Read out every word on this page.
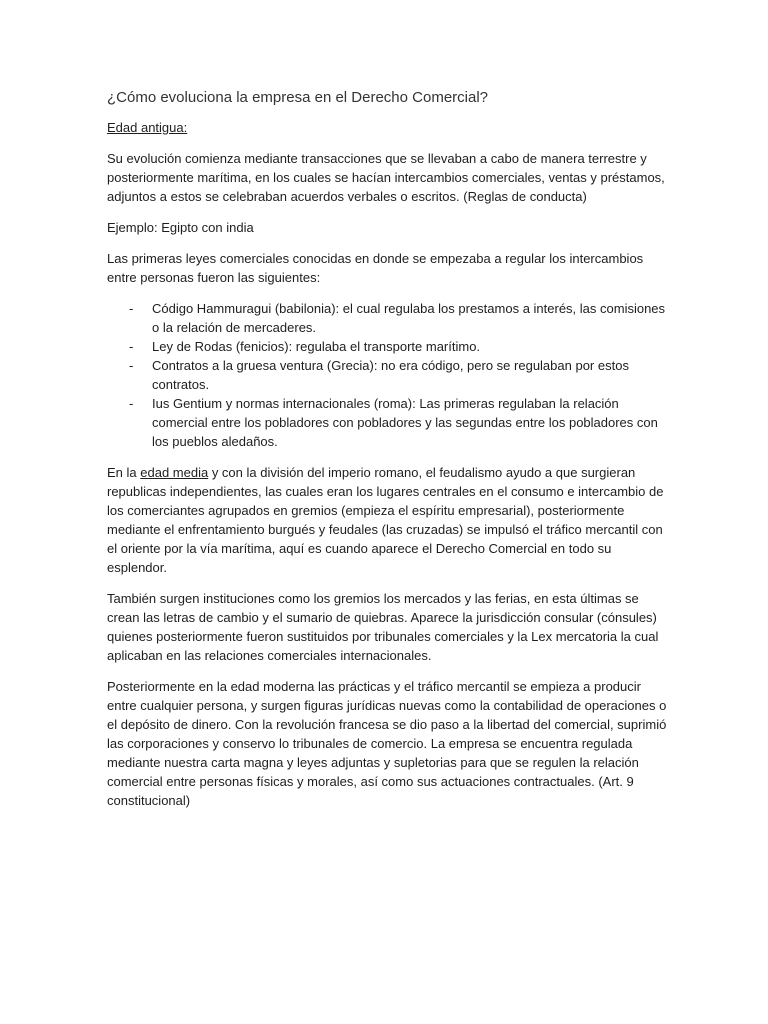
¿Cómo evoluciona la empresa en el Derecho Comercial?

Edad antigua:

Su evolución comienza mediante transacciones que se llevaban a cabo de manera terrestre y posteriormente marítima, en los cuales se hacían intercambios comerciales, ventas y préstamos, adjuntos a estos se celebraban acuerdos verbales o escritos. (Reglas de conducta)

Ejemplo: Egipto con india

Las primeras leyes comerciales conocidas en donde se empezaba a regular los intercambios entre personas fueron las siguientes:

- Código Hammuragui (babilonia): el cual regulaba los prestamos a interés, las comisiones o la relación de mercaderes.
- Ley de Rodas (fenicios): regulaba el transporte marítimo.
- Contratos a la gruesa ventura (Grecia): no era código, pero se regulaban por estos contratos.
- Ius Gentium y normas internacionales (roma): Las primeras regulaban la relación comercial entre los pobladores con pobladores y las segundas entre los pobladores con los pueblos aledaños.

En la edad media y con la división del imperio romano, el feudalismo ayudo a que surgieran republicas independientes, las cuales eran los lugares centrales en el consumo e intercambio de los comerciantes agrupados en gremios (empieza el espíritu empresarial), posteriormente mediante el enfrentamiento burgués y feudales (las cruzadas) se impulsó el tráfico mercantil con el oriente por la vía marítima, aquí es cuando aparece el Derecho Comercial en todo su esplendor.

También surgen instituciones como los gremios los mercados y las ferias, en esta últimas se crean las letras de cambio y el sumario de quiebras. Aparece la jurisdicción consular (cónsules) quienes posteriormente fueron sustituidos por tribunales comerciales y la Lex mercatoria la cual aplicaban en las relaciones comerciales internacionales.

Posteriormente en la edad moderna las prácticas y el tráfico mercantil se empieza a producir entre cualquier persona, y surgen figuras jurídicas nuevas como la contabilidad de operaciones o el depósito de dinero. Con la revolución francesa se dio paso a la libertad del comercial, suprimió las corporaciones y conservo lo tribunales de comercio. La empresa se encuentra regulada mediante nuestra carta magna y leyes adjuntas y supletorias para que se regulen la relación comercial entre personas físicas y morales, así como sus actuaciones contractuales. (Art. 9 constitucional)
